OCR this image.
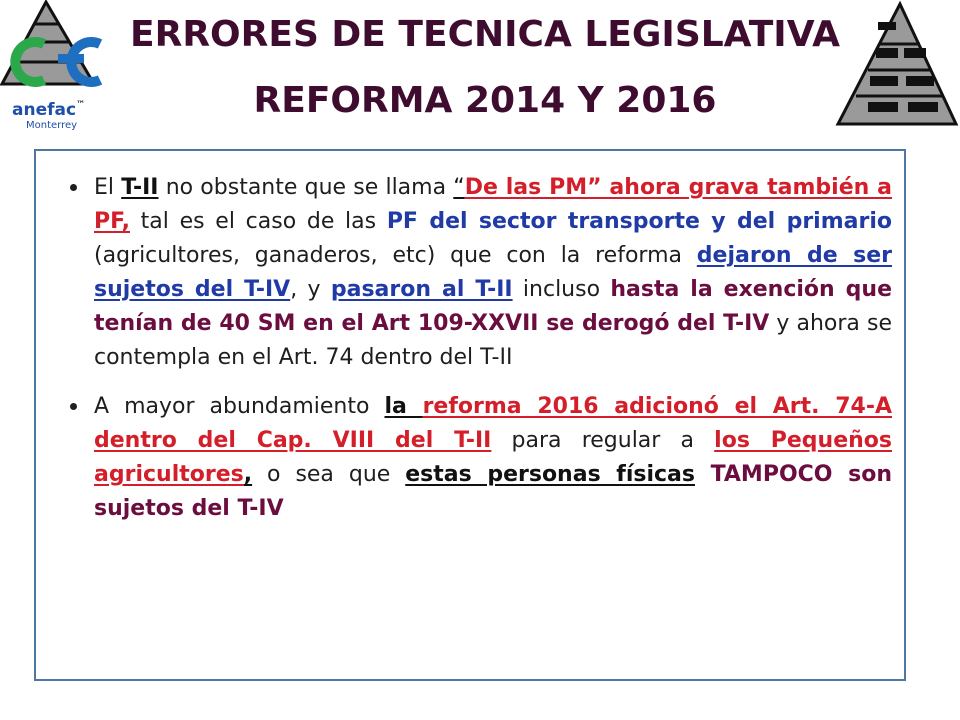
anefac™
Monterrey
ERRORES DE TECNICA LEGISLATIVA
REFORMA 2014 Y 2016

El T-II no obstante que se llama “De las PM” ahora grava también a PF, tal es el caso de las PF del sector transporte y del primario (agricultores, ganaderos, etc) que con la reforma dejaron de ser sujetos del T-IV, y pasaron al T-II incluso hasta la exención que tenían de 40 SM en el Art 109-XXVII se derogó del T-IV y ahora se contempla en el Art. 74 dentro del T-II

A mayor abundamiento la reforma 2016 adicionó el Art. 74-A dentro del Cap. VIII del T-II para regular a los Pequeños agricultores, o sea que estas personas físicas TAMPOCO son sujetos del T-IV
